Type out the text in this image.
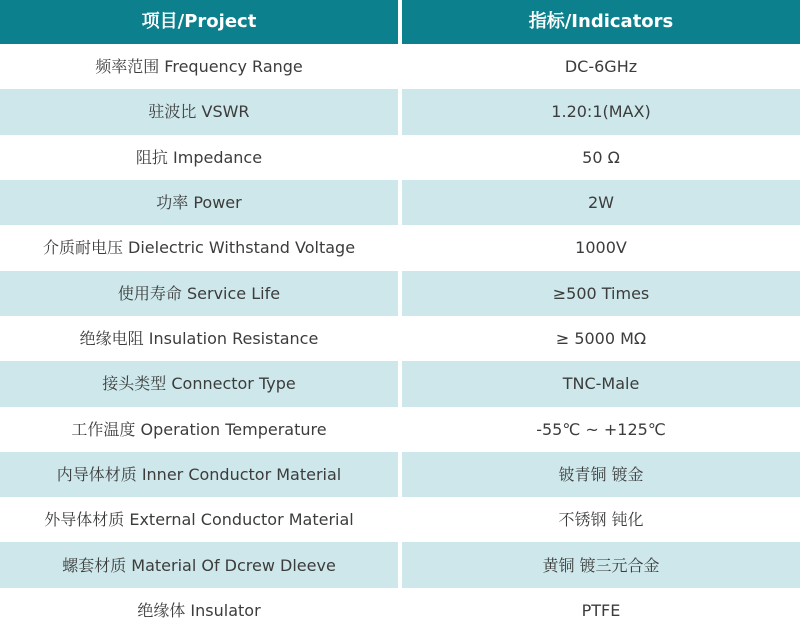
项目/Project	指标/Indicators
频率范围 Frequency Range	DC-6GHz
驻波比 VSWR	1.20:1(MAX)
阻抗 Impedance	50 Ω
功率 Power	2W
介质耐电压 Dielectric Withstand Voltage	1000V
使用寿命 Service Life	≥500 Times
绝缘电阻 Insulation Resistance	≥ 5000 MΩ
接头类型 Connector Type	TNC-Male
工作温度 Operation Temperature	-55℃ ~ +125℃
内导体材质 Inner Conductor Material	铍青铜 镀金
外导体材质 External Conductor Material	不锈钢 钝化
螺套材质 Material Of Dcrew Dleeve	黄铜 镀三元合金
绝缘体 Insulator	PTFE
